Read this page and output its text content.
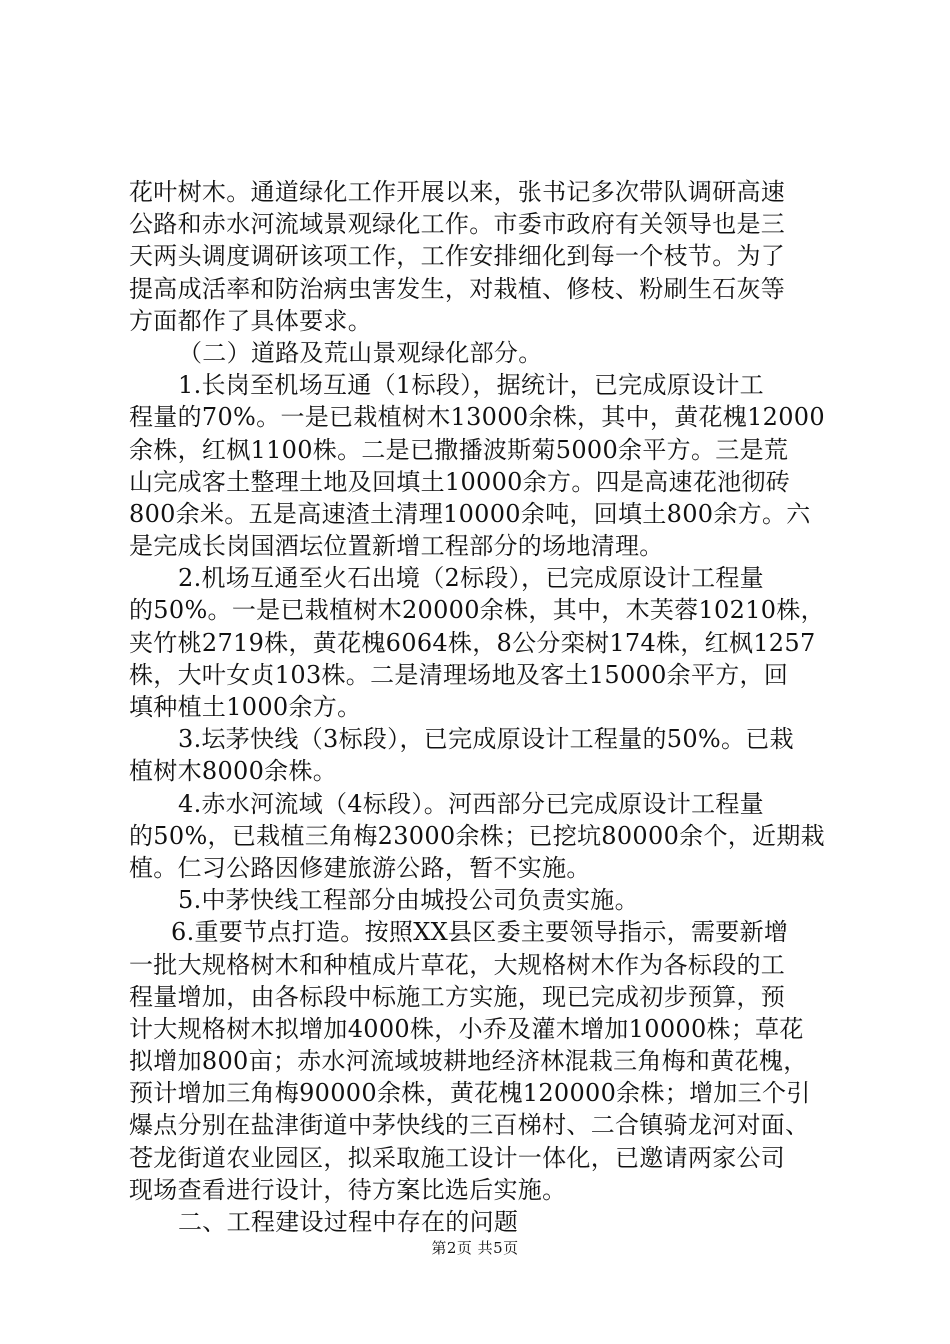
花叶树木。通道绿化工作开展以来，张书记多次带队调研高速
公路和赤水河流域景观绿化工作。市委市政府有关领导也是三
天两头调度调研该项工作，工作安排细化到每一个枝节。为了
提高成活率和防治病虫害发生，对栽植、修枝、粉刷生石灰等
方面都作了具体要求。
（二）道路及荒山景观绿化部分。
1.长岗至机场互通（1标段），据统计，已完成原设计工
程量的70%。一是已栽植树木13000余株，其中，黄花槐12000
余株，红枫1100株。二是已撒播波斯菊5000余平方。三是荒
山完成客土整理土地及回填土10000余方。四是高速花池彻砖
800余米。五是高速渣土清理10000余吨，回填土800余方。六
是完成长岗国酒坛位置新增工程部分的场地清理。
2.机场互通至火石出境（2标段），已完成原设计工程量
的50%。一是已栽植树木20000余株，其中，木芙蓉10210株，
夹竹桃2719株，黄花槐6064株，8公分栾树174株，红枫1257
株，大叶女贞103株。二是清理场地及客土15000余平方，回
填种植土1000余方。
3.坛茅快线（3标段），已完成原设计工程量的50%。已栽
植树木8000余株。
4.赤水河流域（4标段）。河西部分已完成原设计工程量
的50%，已栽植三角梅23000余株；已挖坑80000余个，近期栽
植。仁习公路因修建旅游公路，暂不实施。
5.中茅快线工程部分由城投公司负责实施。
6.重要节点打造。按照XX县区委主要领导指示，需要新增
一批大规格树木和种植成片草花，大规格树木作为各标段的工
程量增加，由各标段中标施工方实施，现已完成初步预算，预
计大规格树木拟增加4000株，小乔及灌木增加10000株；草花
拟增加800亩；赤水河流域坡耕地经济林混栽三角梅和黄花槐，
预计增加三角梅90000余株，黄花槐120000余株；增加三个引
爆点分别在盐津街道中茅快线的三百梯村、二合镇骑龙河对面、
苍龙街道农业园区，拟采取施工设计一体化，已邀请两家公司
现场查看进行设计，待方案比选后实施。
二、工程建设过程中存在的问题
第2页 共5页
